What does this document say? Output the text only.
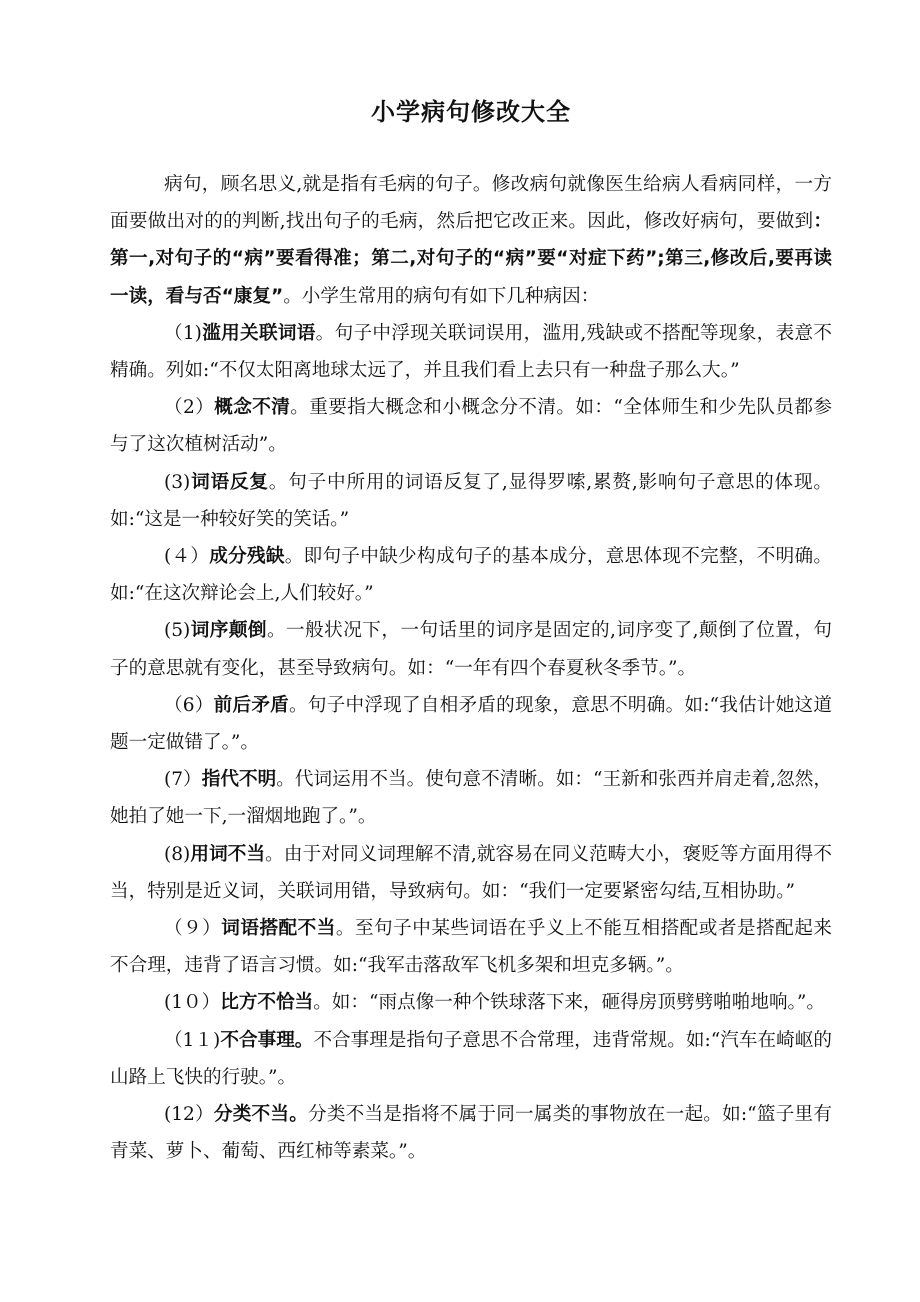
小学病句修改大全

病句，顾名思义,就是指有毛病的句子。修改病句就像医生给病人看病同样，一方面要做出对的的判断,找出句子的毛病，然后把它改正来。因此，修改好病句，要做到：第一,对句子的“病”要看得准；第二,对句子的“病”要“对症下药”;第三,修改后,要再读一读，看与否“康复”。小学生常用的病句有如下几种病因：

（1)滥用关联词语。句子中浮现关联词误用，滥用,残缺或不搭配等现象，表意不精确。列如:“不仅太阳离地球太远了，并且我们看上去只有一种盘子那么大。”

（2）概念不清。重要指大概念和小概念分不清。如：“全体师生和少先队员都参与了这次植树活动”。

(3)词语反复。句子中所用的词语反复了,显得罗嗦,累赘,影响句子意思的体现。如:“这是一种较好笑的笑话。”

(４）成分残缺。即句子中缺少构成句子的基本成分，意思体现不完整，不明确。如:“在这次辩论会上,人们较好。”

(5)词序颠倒。一般状况下，一句话里的词序是固定的,词序变了,颠倒了位置，句子的意思就有变化，甚至导致病句。如：“一年有四个春夏秋冬季节。”。

（6）前后矛盾。句子中浮现了自相矛盾的现象，意思不明确。如:“我估计她这道题一定做错了。”。

(7）指代不明。代词运用不当。使句意不清晰。如：“王新和张西并肩走着,忽然，她拍了她一下,一溜烟地跑了。”。

(8)用词不当。由于对同义词理解不清,就容易在同义范畴大小，褒贬等方面用得不当，特别是近义词，关联词用错，导致病句。如：“我们一定要紧密勾结,互相协助。”

（９）词语搭配不当。至句子中某些词语在乎义上不能互相搭配或者是搭配起来不合理，违背了语言习惯。如:“我军击落敌军飞机多架和坦克多辆。”。

(1０）比方不恰当。如：“雨点像一种个铁球落下来，砸得房顶劈劈啪啪地响。”。

（1１)不合事理。不合事理是指句子意思不合常理，违背常规。如:“汽车在崎岖的山路上飞快的行驶。”。

(12）分类不当。分类不当是指将不属于同一属类的事物放在一起。如:“篮子里有青菜、萝卜、葡萄、西红柿等素菜。”。
